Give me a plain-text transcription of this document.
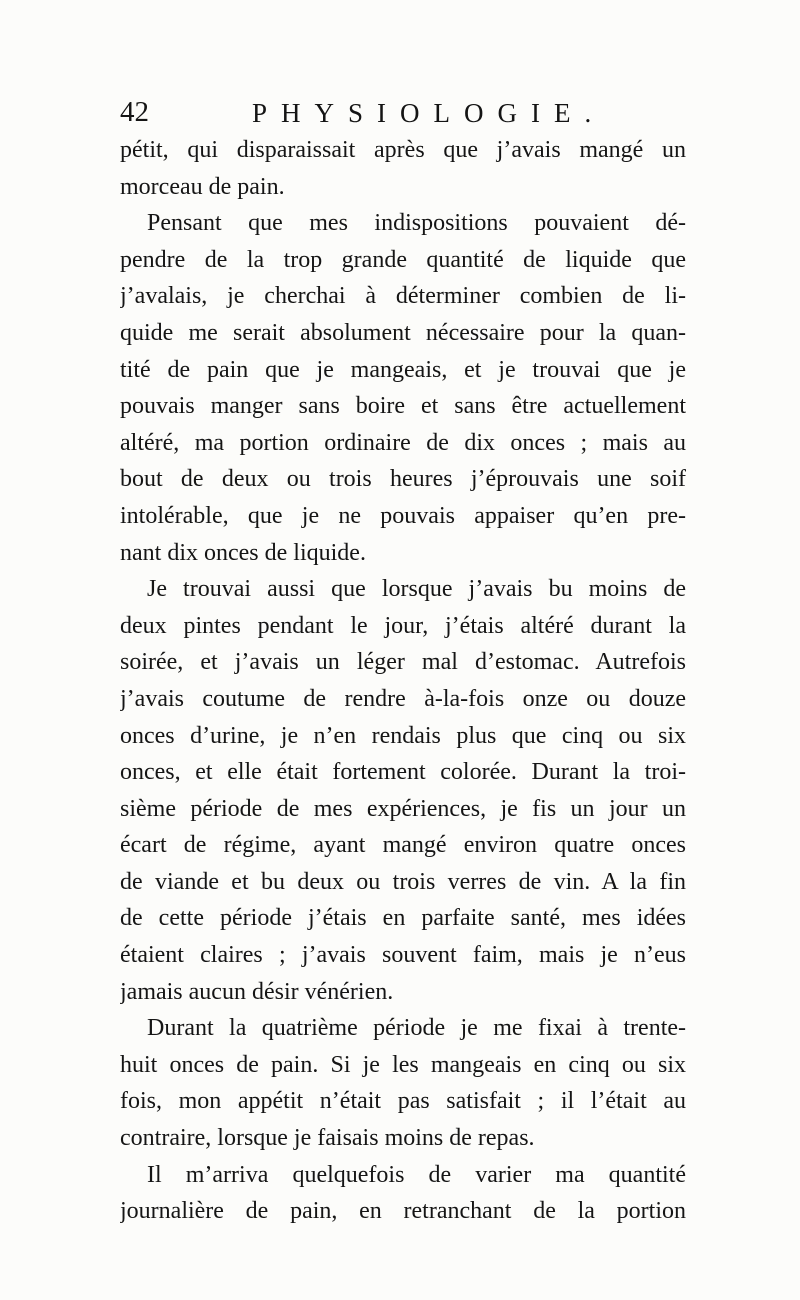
42	PHYSIOLOGIE.
pétit, qui disparaissait après que j’avais mangé un
morceau de pain.
Pensant que mes indispositions pouvaient dé-
pendre de la trop grande quantité de liquide que
j’avalais, je cherchai à déterminer combien de li-
quide me serait absolument nécessaire pour la quan-
tité de pain que je mangeais, et je trouvai que je
pouvais manger sans boire et sans être actuellement
altéré, ma portion ordinaire de dix onces ; mais au
bout de deux ou trois heures j’éprouvais une soif
intolérable, que je ne pouvais appaiser qu’en pre-
nant dix onces de liquide.
Je trouvai aussi que lorsque j’avais bu moins de
deux pintes pendant le jour, j’étais altéré durant la
soirée, et j’avais un léger mal d’estomac. Autrefois
j’avais coutume de rendre à-la-fois onze ou douze
onces d’urine, je n’en rendais plus que cinq ou six
onces, et elle était fortement colorée. Durant la troi-
sième période de mes expériences, je fis un jour un
écart de régime, ayant mangé environ quatre onces
de viande et bu deux ou trois verres de vin. A la fin
de cette période j’étais en parfaite santé, mes idées
étaient claires ; j’avais souvent faim, mais je n’eus
jamais aucun désir vénérien.
Durant la quatrième période je me fixai à trente-
huit onces de pain. Si je les mangeais en cinq ou six
fois, mon appétit n’était pas satisfait ; il l’était au
contraire, lorsque je faisais moins de repas.
Il m’arriva quelquefois de varier ma quantité
journalière de pain, en retranchant de la portion
